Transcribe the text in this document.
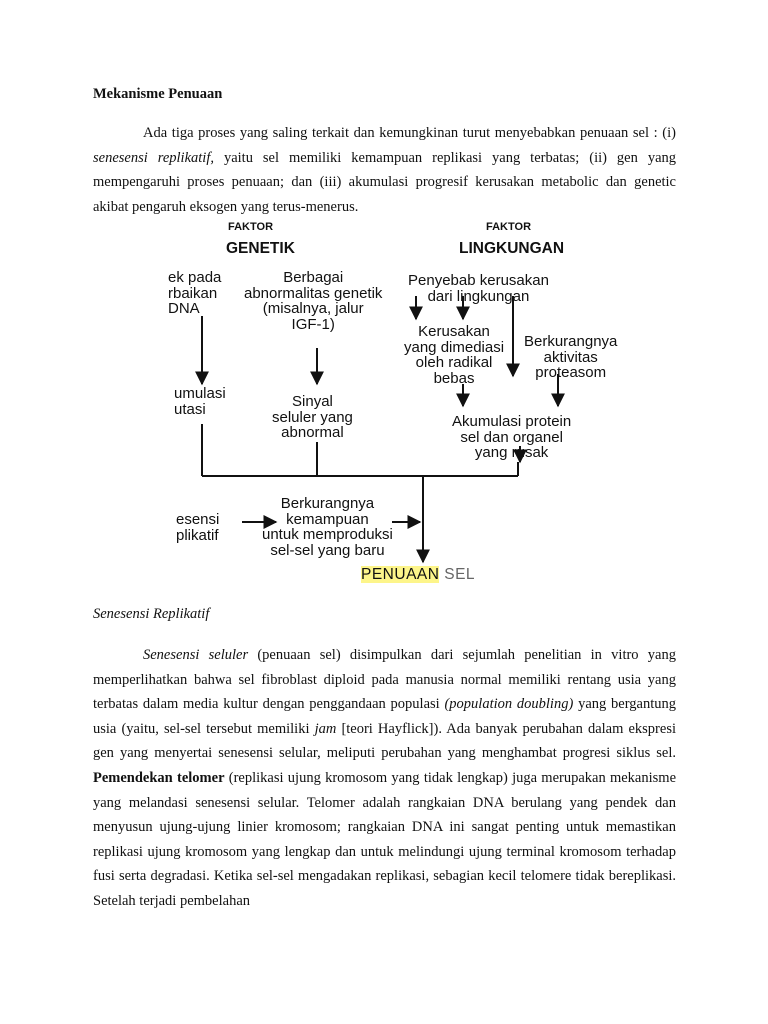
Mekanisme Penuaan

Ada tiga proses yang saling terkait dan kemungkinan turut menyebabkan penuaan sel : (i) senesensi replikatif, yaitu sel memiliki kemampuan replikasi yang terbatas; (ii) gen yang mempengaruhi proses penuaan; dan (iii) akumulasi progresif kerusakan metabolic dan genetic akibat pengaruh eksogen yang terus-menerus.

FAKTOR
GENETIK
FAKTOR
LINGKUNGAN
ek pada
rbaikan
DNA
Berbagai
abnormalitas genetik
(misalnya, jalur
IGF-1)
Penyebab kerusakan
dari lingkungan
umulasi
utasi	Sinyal
seluler yang
abnormal
Kerusakan
yang dimediasi
oleh radikal
bebas
Berkurangnya
aktivitas
proteasom
Akumulasi protein
sel dan organel
yang rusak
esensi
plikatif
Berkurangnya
kemampuan
untuk memproduksi
sel-sel yang baru
PENUAAN SEL
Senesensi Replikatif

Senesensi seluler (penuaan sel) disimpulkan dari sejumlah penelitian in vitro yang memperlihatkan bahwa sel fibroblast diploid pada manusia normal memiliki rentang usia yang terbatas dalam media kultur dengan penggandaan populasi (population doubling) yang bergantung usia (yaitu, sel-sel tersebut memiliki jam [teori Hayflick]). Ada banyak perubahan dalam ekspresi gen yang menyertai senesensi selular, meliputi perubahan yang menghambat progresi siklus sel. Pemendekan telomer (replikasi ujung kromosom yang tidak lengkap) juga merupakan mekanisme yang melandasi senesensi selular. Telomer adalah rangkaian DNA berulang yang pendek dan menyusun ujung-ujung linier kromosom; rangkaian DNA ini sangat penting untuk memastikan replikasi ujung kromosom yang lengkap dan untuk melindungi ujung terminal kromosom terhadap fusi serta degradasi. Ketika sel-sel mengadakan replikasi, sebagian kecil telomere tidak bereplikasi. Setelah terjadi pembelahan
